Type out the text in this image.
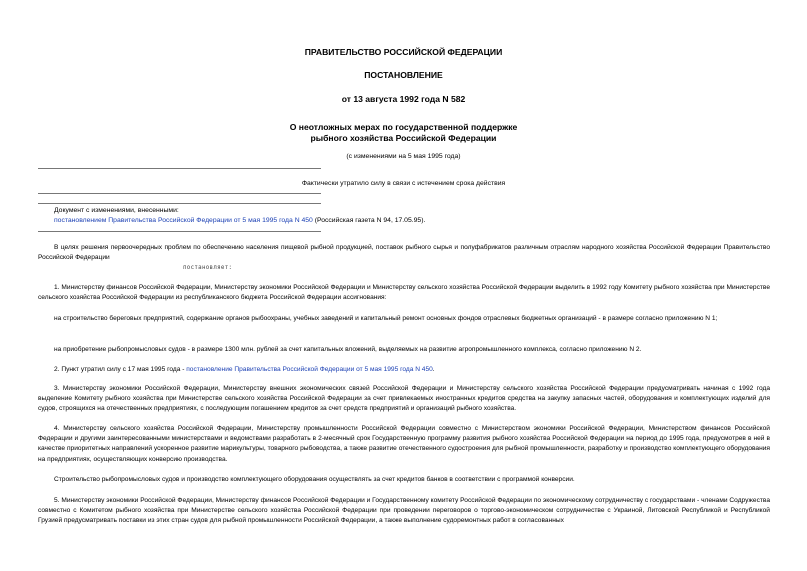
ПРАВИТЕЛЬСТВО РОССИЙСКОЙ ФЕДЕРАЦИИ
ПОСТАНОВЛЕНИЕ
от 13 августа 1992 года N 582
О неотложных мерах по государственной поддержке
рыбного хозяйства Российской Федерации
(с изменениями на 5 мая 1995 года)
Фактически утратило силу в связи с истечением срока действия
Документ с изменениями, внесенными:
постановлением Правительства Российской Федерации от 5 мая 1995 года N 450 (Российская газета N 94, 17.05.95).
В целях решения первоочередных проблем по обеспечению населения пищевой рыбной продукцией, поставок рыбного сырья и полуфабрикатов различным отраслям народного хозяйства Российской Федерации Правительство Российской Федерации
постановляет:
1. Министерству финансов Российской Федерации, Министерству экономики Российской Федерации и Министерству сельского хозяйства Российской Федерации выделить в 1992 году Комитету рыбного хозяйства при Министерстве сельского хозяйства Российской Федерации из республиканского бюджета Российской Федерации ассигнования:
на строительство береговых предприятий, содержание органов рыбоохраны, учебных заведений и капитальный ремонт основных фондов отраслевых бюджетных организаций - в размере согласно приложению N 1;
на приобретение рыбопромысловых судов - в размере 1300 млн. рублей за счет капитальных вложений, выделяемых на развитие агропромышленного комплекса, согласно приложению N 2.
2. Пункт утратил силу с 17 мая 1995 года - постановление Правительства Российской Федерации от 5 мая 1995 года N 450.
3. Министерству экономики Российской Федерации, Министерству внешних экономических связей Российской Федерации и Министерству сельского хозяйства Российской Федерации предусматривать начиная с 1992 года выделение Комитету рыбного хозяйства при Министерстве сельского хозяйства Российской Федерации за счет привлекаемых иностранных кредитов средства на закупку запасных частей, оборудования и комплектующих изделий для судов, строящихся на отечественных предприятиях, с последующим погашением кредитов за счет средств предприятий и организаций рыбного хозяйства.
4. Министерству сельского хозяйства Российской Федерации, Министерству промышленности Российской Федерации совместно с Министерством экономики Российской Федерации, Министерством финансов Российской Федерации и другими заинтересованными министерствами и ведомствами разработать в 2-месячный срок Государственную программу развития рыбного хозяйства Российской Федерации на период до 1995 года, предусмотрев в ней в качестве приоритетных направлений ускоренное развитие марикультуры, товарного рыбоводства, а также развитие отечественного судостроения для рыбной промышленности, разработку и производство комплектующего оборудования на предприятиях, осуществляющих конверсию производства.
Строительство рыбопромысловых судов и производство комплектующего оборудования осуществлять за счет кредитов банков в соответствии с программой конверсии.
5. Министерству экономики Российской Федерации, Министерству финансов Российской Федерации и Государственному комитету Российской Федерации по экономическому сотрудничеству с государствами - членами Содружества совместно с Комитетом рыбного хозяйства при Министерстве сельского хозяйства Российской Федерации при проведении переговоров о торгово-экономическом сотрудничестве с Украиной, Литовской Республикой и Республикой Грузией предусматривать поставки из этих стран судов для рыбной промышленности Российской Федерации, а также выполнение судоремонтных работ в согласованных
